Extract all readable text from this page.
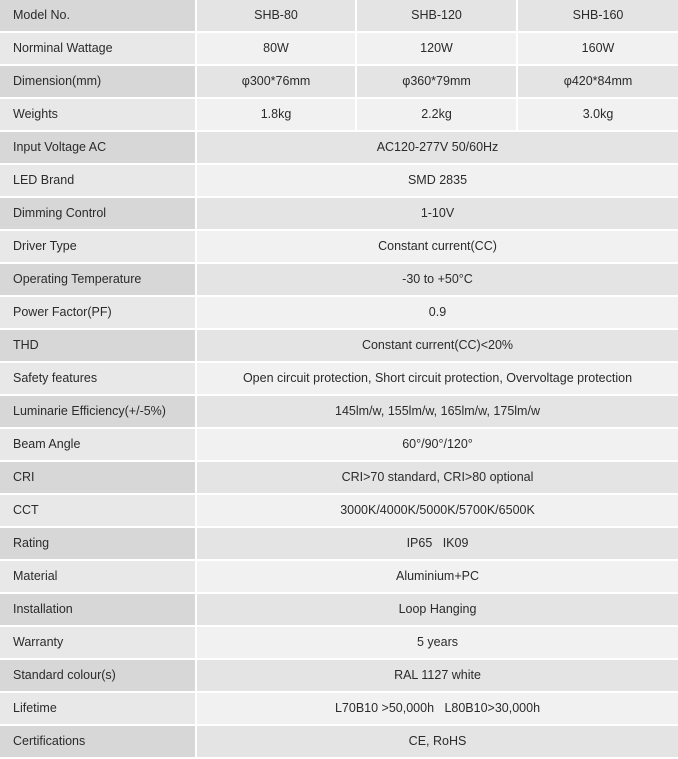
Model No.	SHB-80	SHB-120	SHB-160
Norminal Wattage	80W	120W	160W
Dimension(mm)	φ300*76mm	φ360*79mm	φ420*84mm
Weights	1.8kg	2.2kg	3.0kg
Input Voltage AC	AC120-277V 50/60Hz		
LED Brand	SMD 2835		
Dimming Control	1-10V		
Driver Type	Constant current(CC)		
Operating Temperature	-30 to +50°C		
Power Factor(PF)	0.9		
THD	Constant current(CC)<20%		
Safety features	Open circuit protection, Short circuit protection, Overvoltage protection		
Luminarie Efficiency(+/-5%)	145lm/w, 155lm/w, 165lm/w, 175lm/w		
Beam Angle	60°/90°/120°		
CRI	CRI>70 standard, CRI>80 optional		
CCT	3000K/4000K/5000K/5700K/6500K		
Rating	IP65   IK09		
Material	Aluminium+PC		
Installation	Loop Hanging		
Warranty	5 years		
Standard colour(s)	RAL 1127 white		
Lifetime	L70B10 >50,000h   L80B10>30,000h		
Certifications	CE, RoHS		
